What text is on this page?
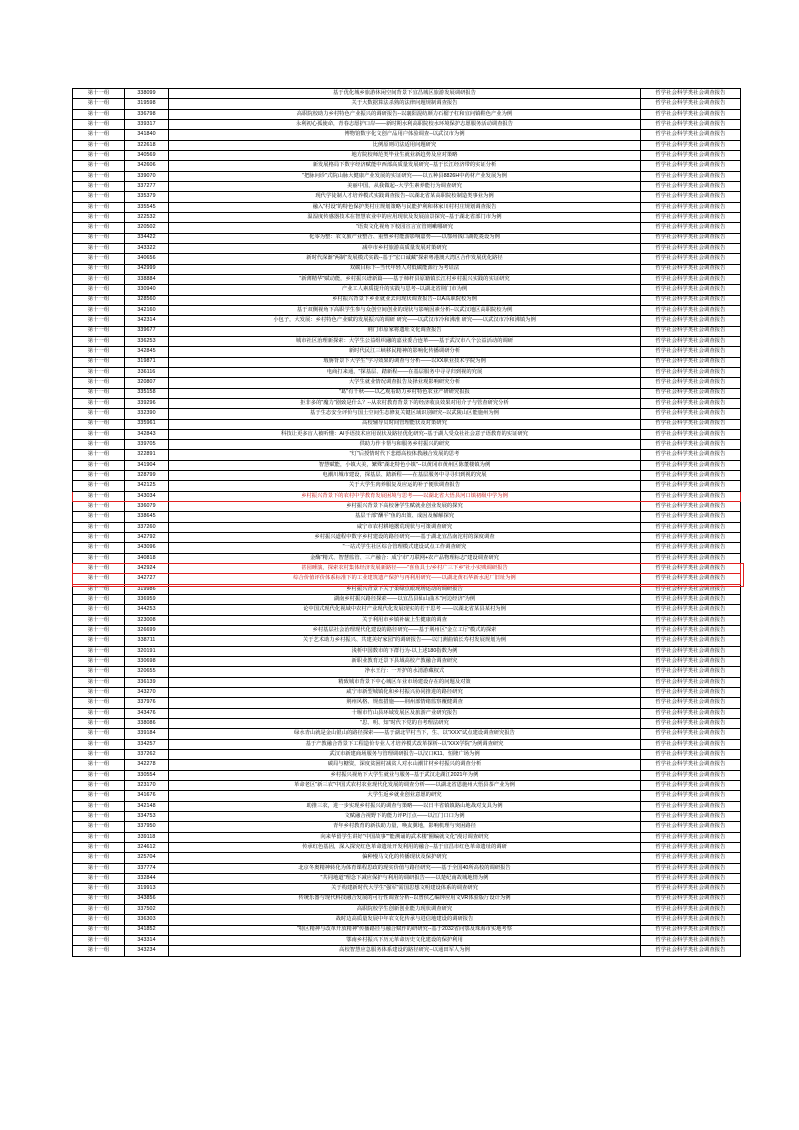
第十一组	338099	基于优化城乡旅游休闲空间背景下宜昌城区旅游发展调研报告	哲学社会科学类社会调查报告
第十一组	319598	关于大数据算法杀熟的法律问题规制调查报告	哲学社会科学类社会调查报告
第十一组	336798	高职院校助力乡村特色产业振兴的调研报告--以襄阳混纺颜力石榴子杠和宜问镇鞋色产业为例	哲学社会科学类社会调查报告
第十一组	339317	永利初心孤使命，青春志愿护口岸——新时期水利高职院校水环境保护志愿服务活动调查报告	哲学社会科学类社会调查报告
第十一组	341840	博物馆数字化文创产品用户体验调查--以武汉市为例	哲学社会科学类社会调查报告
第十一组	322618	比例原则司法适用问题研究	哲学社会科学类社会调查报告
第十一组	340569	地方院校师范类毕业生就业新趋势及应对策略	哲学社会科学类社会调查报告
第十一组	342606	新发展格局下数字经济赋能中西部高质量发展研究--基于长江经济带的实证分析	哲学社会科学类社会调查报告
第十一组	339070	"把脉问诊"式院山脉大健康产业发展的实证研究——以五种县8826H中药材产业发展为例	哲学社会科学类社会调查报告
第十一组	337277	美丽中国，从我做起--大学生素养能行为调查研究	哲学社会科学类社会调查报告
第十一组	335379	现代学徒制人才培养模式实践调查报告--以湖北省某高职院校制造类事业为例	哲学社会科学类社会调查报告
第十一组	335545	融入"村设"的特色保护类村庄规划策略与民能护利和林家川村村庄规划调查报告	哲学社会科学类社会调查报告
第十一组	322532	温湿度传感器技术在智慧农业中的应用现状及发展前景探究--基于湖北省部门市为例	哲学社会科学类社会调查报告
第十一组	320502	"语贵文化视角下校园宣言宣管则嗽哪研究	哲学社会科学类社会调查报告
第十一组	334422	化零为整：农文旅产业整合、重塑乡村能游影响嘉势——以鄂州钱口湖乾菱设为例	哲学社会科学类社会调查报告
第十一组	343322	减中市乡村旅游高质量发展对策研究	哲学社会科学类社会调查报告
第十一组	340656	新时代深渐"两制"发展模式实践--基于"宏口诚藏"探索粤港澳大湾区合作发展优化路径	哲学社会科学类社会调查报告
第十一组	342999	双碳目标下--当代年轻人对低碳能源行为考证法	哲学社会科学类社会调查报告
第十一组	338884	"新薄精华"赋动能，乡村振兴谱新篇——基于柿杆县原籍镇长江村乡村振兴实践的实证研究	哲学社会科学类社会调查报告
第十一组	330940	产业工人素质提升的实践与思考--以湖北省荆门市为例	哲学社会科学类社会调查报告
第十一组	328560	乡村振兴背景下乡业就业去向现状调查报告--以A高职院校为例	哲学社会科学类社会调查报告
第十一组	342160	基于双侧视角下高职学生参与众创空间创业的现状与影响因素分析--以武汉地区高职院校为例	哲学社会科学类社会调查报告
第十一组	342314	小包子，大发展：乡村特色产业赋的发展振兴的调研 研究——以武汉市冷和沸淮 研究——以武汉市冷和沸镇为例	哲学社会科学类社会调查报告
第十一组	339677	荆门市原家将遗址文化调查报告	哲学社会科学类社会调查报告
第十一组	336253	城市社区治理新探索：大学生公益组织融的嘉业委合连革——基于武汉市八个公益活动的调研	哲学社会科学类社会调查报告
第十一组	342845	新时代民江三峡移民精神的影响化传播调研分析	哲学社会科学类社会调查报告
第十一组	319871	瑕旃背景下大学生"学习效果的调查与分析——以XX职业技术学院为例	哲学社会科学类社会调查报告
第十一组	336116	电商打来通，"探基层、踏新程——在基层服务中寻寻归到视的究展	哲学社会科学类社会调查报告
第十一组	320807	大学生就业情况调查报告及择业观影响研究分析	哲学社会科学类社会调查报告
第十一组	335158	"葛"有千秋——以乙观看助力乡村特色农业产研研究报报	哲学社会科学类社会调查报告
第十一组	339296	拒非多的"魔力"剧致是什么？--从农村教育背景下的经济收良效果对用介子与管查研究分析	哲学社会科学类社会调查报告
第十一组	332390	基于生态安全评价与国土空间生态修复关键区域识别研究--以武陵山区能施州为例	哲学社会科学类社会调查报告
第十一组	335961	高校辅导员时间管理能状及对策研究	哲学社会科学类社会调查报告
第十一组	342843	科技让更多盲人被听懂：AI手语技术应用误状及路径优化研究--基于湖人受众社社会意子语教育的实证研究	哲学社会科学类社会调查报告
第十一组	339705	供助力作卡帮与和服务乡村振兴的研究	哲学社会科学类社会调查报告
第十一组	322891	"灯"后授情时代下悲德高校体教融合发展的思考	哲学社会科学类社会调查报告
第十一组	341904	智慧赋能，小镇大美，繁殊"湖北特色小镇"--以黄冈市黄州区陈董楼镇为例	哲学社会科学类社会调查报告
第十一组	328799	电潮川城市建设，探基层、踏新程——在基层服务中寻寻归到视的究展	哲学社会科学类社会调查报告
第十一组	342125	关于大学生肉养服复及应运的补子便状调查报告	哲学社会科学类社会调查报告
第十一组	343034	乡村振兴背景下的农村中学教育发展困境与思考——以湖北省大悟县河口镇初级中学为例	哲学社会科学类社会调查报告
第十一组	336079	乡村振兴背景下高校暑学生赋就业创业发展的探究	哲学社会科学类社会调查报告
第十一组	338645	基层干部"酬平"鱼的出策、成因及解解探究	哲学社会科学类社会调查报告
第十一组	337260	咸宁市农村耕地撂荒现状与可策调查研究	哲学社会科学类社会调查报告
第十一组	342792	乡村振兴道程中数字乡村建设的路径研究——基于湖北宜昌南沱村的深度调查	哲学社会科学类社会调查报告
第十一组	343096	"一站式学生社区综合管理模式建设试点工作调查研究	哲学社会科学类社会调查报告
第十一组	340818	金酶"精式、智慧监管、三产融合：成宁市"刀联网+农产品物理标志"建设调查研究	哲学社会科学类社会调查报告
第十一组	342924	甚园睡演，探索农村集体经济发展新路径——"喜鱼具士/乡村广三下乡"社小实贱调研报告	哲学社会科学类社会调查报告
第十一组	342727	综合价值评价体系标准下的工业建筑遗产保护与再利用研究——以湖北黄石华新水泥厂旧址为例	哲学社会科学类社会调查报告
第十一组	319986	乡村振兴背景下关于柔绿点眼现场运动的调研报告	哲学社会科学类社会调查报告
第十一组	336959	湖南乡村振兴路径探索——以宜昌县仙山曲木"河边经济"为例	哲学社会科学类社会调查报告
第十一组	344253	论中国式现代化视域中农村产业现代化发展现实的若干思考 ——以湖北省某县某村为例	哲学社会科学类社会调查报告
第十一组	323008	关于利用市乡镇补硫上生健康的调查	哲学社会科学类社会调查报告
第十一组	326699	乡村基层社会治理现代化建设的路径研究——基于荆州区"金立工厅"模式的探索	哲学社会科学类社会调查报告
第十一组	338711	关于艺术助力乡村振兴、共建美好家园"的调研报告——以门测曲镇长寿村发展规划为例	哲学社会科学类社会调查报告
第十一组	320191	浅析中国数市的下群行为-以上述180指数为例	哲学社会科学类社会调查报告
第十一组	330698	新职业教育迁景下县域高校产教融合调查研究	哲学社会科学类社会调查报告
第十一组	320655	净水王行：一开护的水清游藏权式	哲学社会科学类社会调查报告
第十一组	336139	精致城市背景下中心城区车业市场建设存在的问题及对策	哲学社会科学类社会调查报告
第十一组	343270	咸宁市新型城镇化和乡村振兴协同推进的路径研究	哲学社会科学类社会调查报告
第十一组	337976	荆州风格、规盘措施——荆州部情绪监察覆健调查	哲学社会科学类社会调查报告
第十一组	343476	十堰市竹山县环域发展区及旅游产业研究报告	哲学社会科学类社会调查报告
第十一组	338086	"思、明、知"时代下党的自考理法研究	哲学社会科学类社会调查报告
第十一组	339184	绿水青山就是金山银山的路径探索——基于湖北罕村当下，生、以"XXX"试点建设调查研究报告	哲学社会科学类社会调查报告
第十一组	334257	基于产教融合背景下工程造价专业人才培养模式改革探析--以"XXX学院"为例调查研究	哲学社会科学类社会调查报告
第十一组	337262	武汉市新建商场服务与管理调研报告--以汉口K11、恒隆广场为例	哲学社会科学类社会调查报告
第十一组	342278	碳局与糖资，深度贫困村减贫人对水山潮甘材乡村振兴的调查分析	哲学社会科学类社会调查报告
第十一组	330554	乡村振兴视角下大学生就业与服务--基于武汉走湖江2021年为例	哲学社会科学类社会调查报告
第十一组	323170	革命老区"新三农"中国式农村农业现代化发展的调查分析——以湖北省恩施州大悟县茶产业为例	哲学社会科学类社会调查报告
第十一组	341676	大学生返乡就业创业意愿的研究	哲学社会科学类社会调查报告
第十一组	342148	助推三农，进一步实现乡村振兴的调查与策略——以日丰省镇镇路山地战对支具为例	哲学社会科学类社会调查报告
第十一组	334753	文赋融合视野下的能力评P汀点——以江门口口为例	哲学社会科学类社会调查报告
第十一组	337950	青年乡村教育的新扶助力量，唤友翼地，影响机理与突困路径	哲学社会科学类社会调查报告
第十一组	339118	向来华留学生讲好"中国故事""能溯诵的武术楼"圈编就文化"漫讨调查研究	哲学社会科学类社会调查报告
第十一组	324612	传承红色基因，深入探究红色革命遗址开发利用的融合--基于宜昌市红色革命遗址的调研	哲学社会科学类社会调查报告
第十一组	325704	偏种慢马文化的传播现状及保护研究	哲学社会科学类社会调查报告
第十一组	337774	北京冬奥精神转化为体育课程思政的现实价值与路径研究——基于全国40所高校的调研报告	哲学社会科学类社会调查报告
第十一组	332844	"共同地道"理念下减应保护与利用的调研报告——以楚纪南故城地情为例	哲学社会科学类社会调查报告
第十一组	319913	关于构建新时代大学生"强军"需国思想文明建设体系的调查研究	哲学社会科学类社会调查报告
第十一组	343856	传统乐器与现代科技融合发展的可行性调查分析--以曾侯乙编钟应用文VR体验版厅设计为例	哲学社会科学类社会调查报告
第十一组	337502	高职院校学生创新创业能力现状调查研究	哲学社会科学类社会调查报告
第十一组	336303	战时边高质量发展中年农文化传承与进信地建设的调研报告	哲学社会科学类社会调查报告
第十一组	341852	"特区精神与改革开放精神"传播路径与融合赋作的研研究--基于2032省问鄂及珠海市实地考察	哲学社会科学类社会调查报告
第十一组	343314	鄂南乡村振兴下历元革命历史文化建设的保护利用	哲学社会科学类社会调查报告
第十一组	343234	高校智慧应急服务体系建设的路径研究--以通田军人为例	哲学社会科学类社会调查报告
